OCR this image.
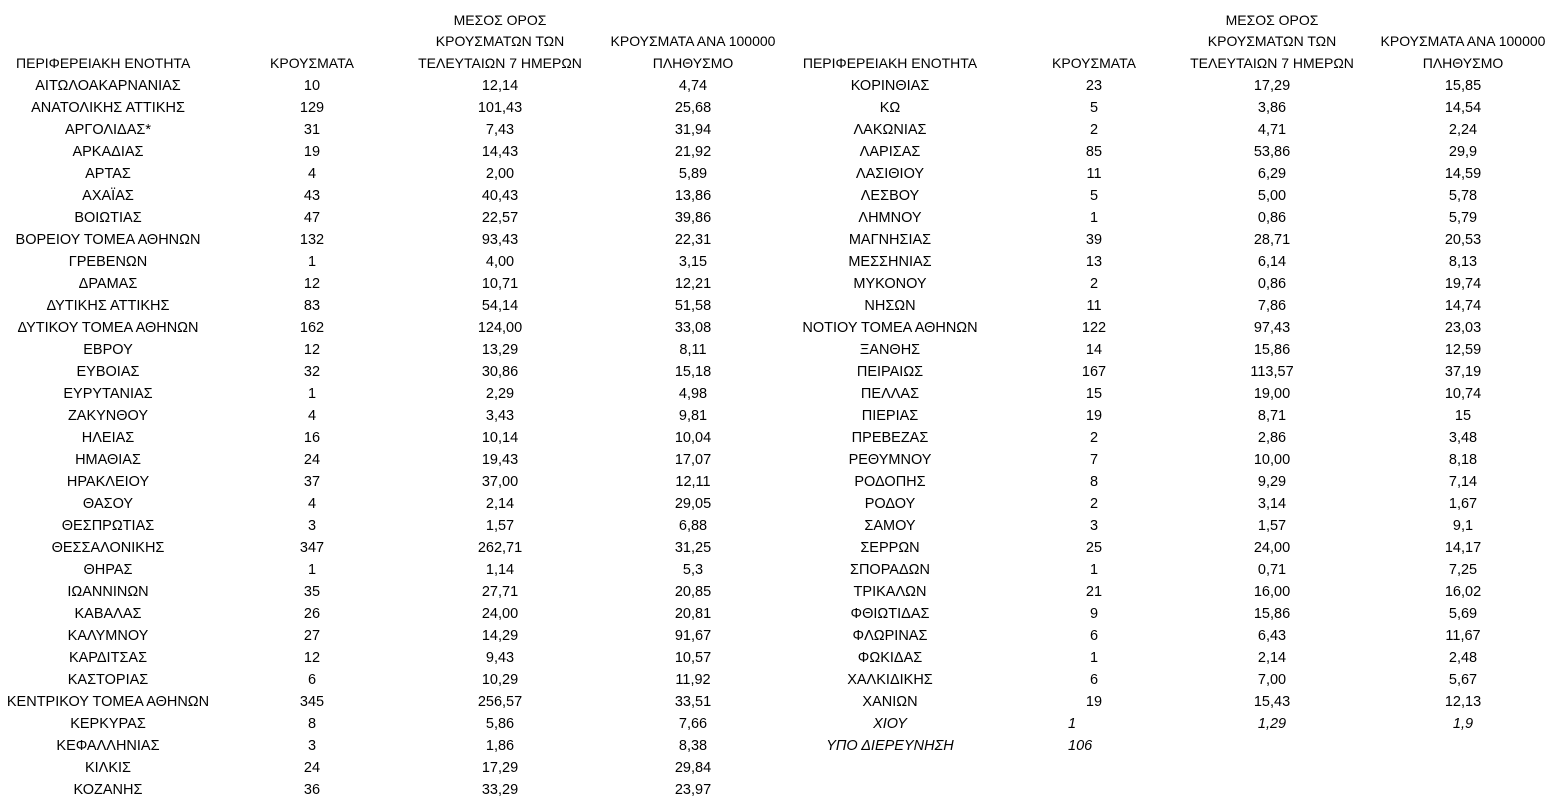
ΠΕΡΙΦΕΡΕΙΑΚΗ ΕΝΟΤΗΤΑ	ΚΡΟΥΣΜΑΤΑ
ΜΕΣΟΣ ΟΡΟΣ
ΚΡΟΥΣΜΑΤΩΝ ΤΩΝ
ΤΕΛΕΥΤΑΙΩΝ 7 ΗΜΕΡΩΝ
ΚΡΟΥΣΜΑΤΑ ΑΝΑ 100000
ΠΛΗΘΥΣΜΟ
ΑΙΤΩΛΟΑΚΑΡΝΑΝΙΑΣ	10	12,14	4,74
ΑΝΑΤΟΛΙΚΗΣ ΑΤΤΙΚΗΣ	129	101,43	25,68
ΑΡΓΟΛΙΔΑΣ*	31	7,43	31,94
ΑΡΚΑΔΙΑΣ	19	14,43	21,92
ΑΡΤΑΣ	4	2,00	5,89
ΑΧΑΪΑΣ	43	40,43	13,86
ΒΟΙΩΤΙΑΣ	47	22,57	39,86
ΒΟΡΕΙΟΥ ΤΟΜΕΑ ΑΘΗΝΩΝ	132	93,43	22,31
ΓΡΕΒΕΝΩΝ	1	4,00	3,15
ΔΡΑΜΑΣ	12	10,71	12,21
ΔΥΤΙΚΗΣ ΑΤΤΙΚΗΣ	83	54,14	51,58
ΔΥΤΙΚΟΥ ΤΟΜΕΑ ΑΘΗΝΩΝ	162	124,00	33,08
ΕΒΡΟΥ	12	13,29	8,11
ΕΥΒΟΙΑΣ	32	30,86	15,18
ΕΥΡΥΤΑΝΙΑΣ	1	2,29	4,98
ΖΑΚΥΝΘΟΥ	4	3,43	9,81
ΗΛΕΙΑΣ	16	10,14	10,04
ΗΜΑΘΙΑΣ	24	19,43	17,07
ΗΡΑΚΛΕΙΟΥ	37	37,00	12,11
ΘΑΣΟΥ	4	2,14	29,05
ΘΕΣΠΡΩΤΙΑΣ	3	1,57	6,88
ΘΕΣΣΑΛΟΝΙΚΗΣ	347	262,71	31,25
ΘΗΡΑΣ	1	1,14	5,3
ΙΩΑΝΝΙΝΩΝ	35	27,71	20,85
ΚΑΒΑΛΑΣ	26	24,00	20,81
ΚΑΛΥΜΝΟΥ	27	14,29	91,67
ΚΑΡΔΙΤΣΑΣ	12	9,43	10,57
ΚΑΣΤΟΡΙΑΣ	6	10,29	11,92
ΚΕΝΤΡΙΚΟΥ ΤΟΜΕΑ ΑΘΗΝΩΝ	345	256,57	33,51
ΚΕΡΚΥΡΑΣ	8	5,86	7,66
ΚΕΦΑΛΛΗΝΙΑΣ	3	1,86	8,38
ΚΙΛΚΙΣ	24	17,29	29,84
ΚΟΖΑΝΗΣ	36	33,29	23,97
ΠΕΡΙΦΕΡΕΙΑΚΗ ΕΝΟΤΗΤΑ	ΚΡΟΥΣΜΑΤΑ
ΜΕΣΟΣ ΟΡΟΣ
ΚΡΟΥΣΜΑΤΩΝ ΤΩΝ
ΤΕΛΕΥΤΑΙΩΝ 7 ΗΜΕΡΩΝ
ΚΡΟΥΣΜΑΤΑ ΑΝΑ 100000
ΠΛΗΘΥΣΜΟ
ΚΟΡΙΝΘΙΑΣ	23	17,29	15,85
ΚΩ	5	3,86	14,54
ΛΑΚΩΝΙΑΣ	2	4,71	2,24
ΛΑΡΙΣΑΣ	85	53,86	29,9
ΛΑΣΙΘΙΟΥ	11	6,29	14,59
ΛΕΣΒΟΥ	5	5,00	5,78
ΛΗΜΝΟΥ	1	0,86	5,79
ΜΑΓΝΗΣΙΑΣ	39	28,71	20,53
ΜΕΣΣΗΝΙΑΣ	13	6,14	8,13
ΜΥΚΟΝΟΥ	2	0,86	19,74
ΝΗΣΩΝ	11	7,86	14,74
ΝΟΤΙΟΥ ΤΟΜΕΑ ΑΘΗΝΩΝ	122	97,43	23,03
ΞΑΝΘΗΣ	14	15,86	12,59
ΠΕΙΡΑΙΩΣ	167	113,57	37,19
ΠΕΛΛΑΣ	15	19,00	10,74
ΠΙΕΡΙΑΣ	19	8,71	15
ΠΡΕΒΕΖΑΣ	2	2,86	3,48
ΡΕΘΥΜΝΟΥ	7	10,00	8,18
ΡΟΔΟΠΗΣ	8	9,29	7,14
ΡΟΔΟΥ	2	3,14	1,67
ΣΑΜΟΥ	3	1,57	9,1
ΣΕΡΡΩΝ	25	24,00	14,17
ΣΠΟΡΑΔΩΝ	1	0,71	7,25
ΤΡΙΚΑΛΩΝ	21	16,00	16,02
ΦΘΙΩΤΙΔΑΣ	9	15,86	5,69
ΦΛΩΡΙΝΑΣ	6	6,43	11,67
ΦΩΚΙΔΑΣ	1	2,14	2,48
ΧΑΛΚΙΔΙΚΗΣ	6	7,00	5,67
ΧΑΝΙΩΝ	19	15,43	12,13
ΧΙΟΥ	1	1,29	1,9
ΥΠΟ ΔΙΕΡΕΥΝΗΣΗ	106
